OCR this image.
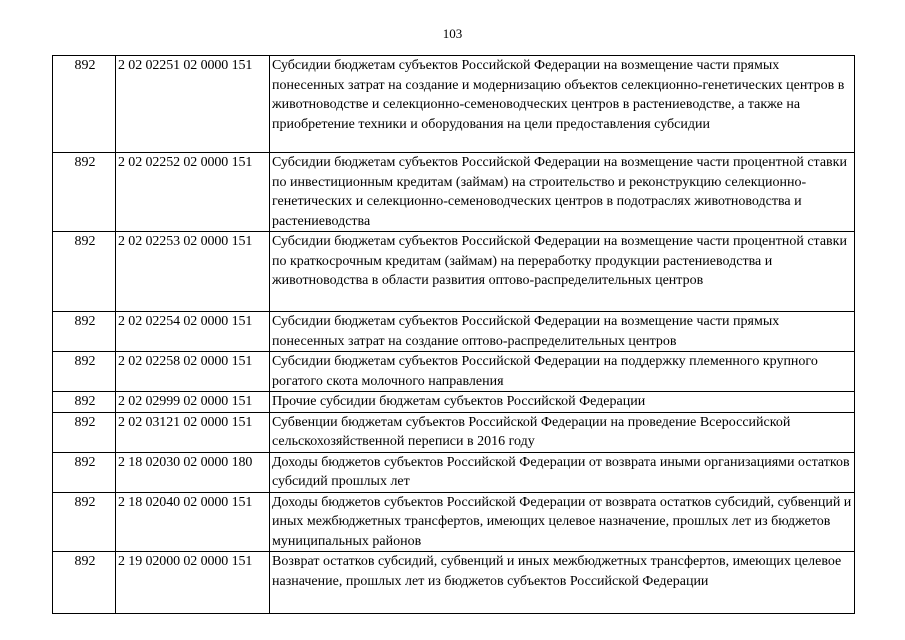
103
892	2 02 02251 02 0000 151	Субсидии бюджетам субъектов Российской Федерации на возмещение части прямых понесенных затрат на создание и модернизацию объектов селекционно-генетических центров в животноводстве и селекционно-семеноводческих центров в растениеводстве, а также на приобретение техники и оборудования на цели предоставления субсидии
892	2 02 02252 02 0000 151	Субсидии бюджетам субъектов Российской Федерации на возмещение части процентной ставки по инвестиционным кредитам (займам) на строительство и реконструкцию селекционно-генетических и селекционно-семеноводческих центров в подотраслях животноводства и растениеводства
892	2 02 02253 02 0000 151	Субсидии бюджетам субъектов Российской Федерации на возмещение части процентной ставки по краткосрочным кредитам (займам) на переработку продукции растениеводства и животноводства в области развития оптово-распределительных центров
892	2 02 02254 02 0000 151	Субсидии бюджетам субъектов Российской Федерации на возмещение части прямых понесенных затрат на создание оптово-распределительных центров
892	2 02 02258 02 0000 151	Субсидии бюджетам субъектов Российской Федерации на поддержку племенного крупного рогатого скота молочного направления
892	2 02 02999 02 0000 151	Прочие субсидии бюджетам субъектов Российской Федерации
892	2 02 03121 02 0000 151	Субвенции бюджетам субъектов Российской Федерации на проведение Всероссийской сельскохозяйственной переписи в 2016 году
892	2 18 02030 02 0000 180	Доходы бюджетов субъектов Российской Федерации от возврата иными организациями остатков субсидий прошлых лет
892	2 18 02040 02 0000 151	Доходы бюджетов субъектов Российской Федерации от возврата остатков субсидий, субвенций и иных межбюджетных трансфертов, имеющих целевое назначение, прошлых лет из бюджетов муниципальных районов
892	2 19 02000 02 0000 151	Возврат остатков субсидий, субвенций и иных межбюджетных трансфертов, имеющих целевое назначение, прошлых лет из бюджетов субъектов Российской Федерации
